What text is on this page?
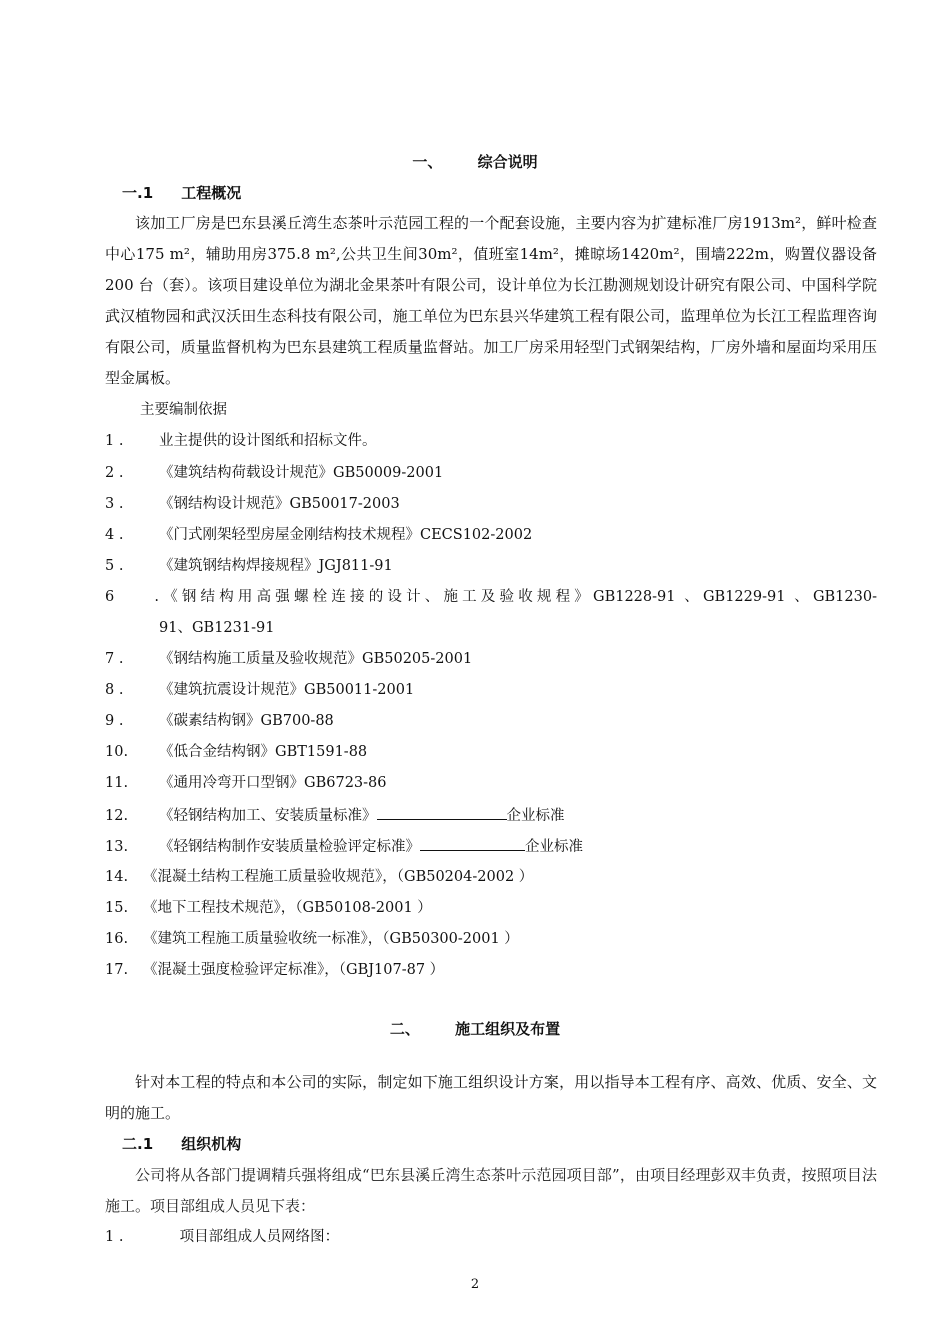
一、 综合说明
一.1 工程概况
该加工厂房是巴东县溪丘湾生态茶叶示范园工程的一个配套设施，主要内容为扩建标准厂房1913m²，鲜叶检查中心175 m²，辅助用房375.8 m²,公共卫生间30m²，值班室14m²，摊晾场1420m²，围墙222m，购置仪器设备200 台（套）。该项目建设单位为湖北金果茶叶有限公司，设计单位为长江勘测规划设计研究有限公司、中国科学院武汉植物园和武汉沃田生态科技有限公司，施工单位为巴东县兴华建筑工程有限公司，监理单位为长江工程监理咨询有限公司，质量监督机构为巴东县建筑工程质量监督站。加工厂房采用轻型门式钢架结构，厂房外墙和屋面均采用压型金属板。
主要编制依据
1 . 业主提供的设计图纸和招标文件。
2 . 《建筑结构荷载设计规范》GB50009-2001
3 . 《钢结构设计规范》GB50017-2003
4 . 《门式刚架轻型房屋金刚结构技术规程》CECS102-2002
5 . 《建筑钢结构焊接规程》JGJ811-91
6 .《钢结构用高强螺栓连接的设计、施工及验收规程》GB1228-91 、GB1229-91 、GB1230-
91、GB1231-91
7 . 《钢结构施工质量及验收规范》GB50205-2001
8 . 《建筑抗震设计规范》GB50011-2001
9 . 《碳素结构钢》GB700-88
10. 《低合金结构钢》GBT1591-88
11. 《通用冷弯开口型钢》GB6723-86
12. 《轻钢结构加工、安装质量标准》	企业标准
13. 《轻钢结构制作安装质量检验评定标准》	企业标准
14. 《混凝土结构工程施工质量验收规范》，（GB50204-2002 ）
15. 《地下工程技术规范》，（GB50108-2001 ）
16. 《建筑工程施工质量验收统一标准》，（GB50300-2001 ）
17. 《混凝土强度检验评定标准》，（GBJ107-87 ）
二、 施工组织及布置
针对本工程的特点和本公司的实际，制定如下施工组织设计方案，用以指导本工程有序、高效、优质、安全、文明的施工。
二.1 组织机构
公司将从各部门提调精兵强将组成“巴东县溪丘湾生态茶叶示范园项目部”，由项目经理彭双丰负责，按照项目法施工。项目部组成人员见下表：
1 .	项目部组成人员网络图：
2
